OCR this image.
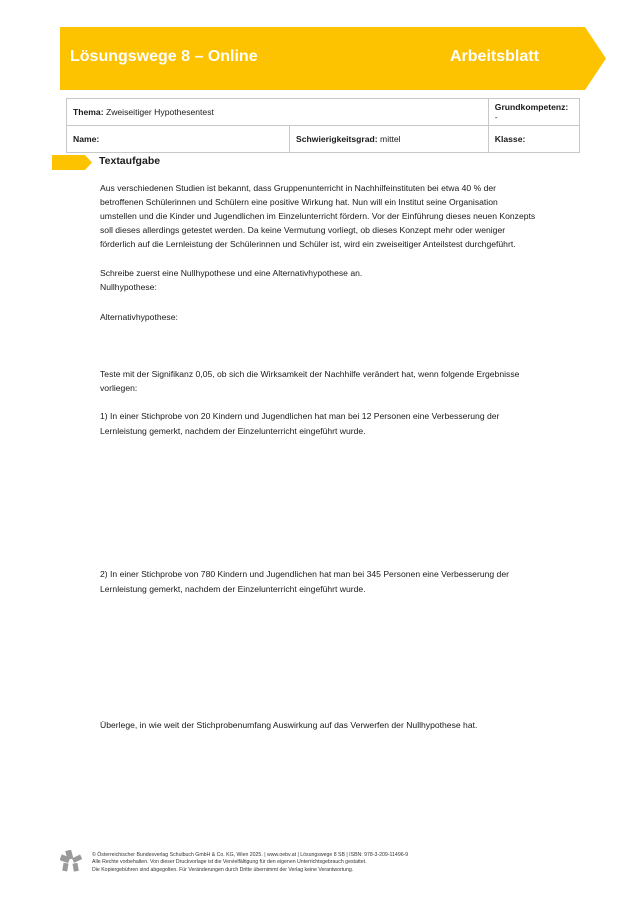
Lösungswege 8 – Online	Arbeitsblatt
Thema: Zweiseitiger Hypothesentest		Grundkompetenz: -
Name:	Schwierigkeitsgrad: mittel	Klasse:
Textaufgabe

Aus verschiedenen Studien ist bekannt, dass Gruppenunterricht in Nachhilfeinstituten bei etwa 40 % der

betroffenen Schülerinnen und Schülern eine positive Wirkung hat. Nun will ein Institut seine Organisation

umstellen und die Kinder und Jugendlichen im Einzelunterricht fördern. Vor der Einführung dieses neuen Konzepts

soll dieses allerdings getestet werden. Da keine Vermutung vorliegt, ob dieses Konzept mehr oder weniger

förderlich auf die Lernleistung der Schülerinnen und Schüler ist, wird ein zweiseitiger Anteilstest durchgeführt.

Schreibe zuerst eine Nullhypothese und eine Alternativhypothese an.

Nullhypothese:

Alternativhypothese:

Teste mit der Signifikanz 0,05, ob sich die Wirksamkeit der Nachhilfe verändert hat, wenn folgende Ergebnisse

vorliegen:

1) In einer Stichprobe von 20 Kindern und Jugendlichen hat man bei 12 Personen eine Verbesserung der

Lernleistung gemerkt, nachdem der Einzelunterricht eingeführt wurde.

2) In einer Stichprobe von 780 Kindern und Jugendlichen hat man bei 345 Personen eine Verbesserung der

Lernleistung gemerkt, nachdem der Einzelunterricht eingeführt wurde.

Überlege, in wie weit der Stichprobenumfang Auswirkung auf das Verwerfen der Nullhypothese hat.

© Österreichischer Bundesverlag Schulbuch GmbH & Co. KG, Wien 2025. | www.oebv.at | Lösungswege 8 SB | ISBN: 978-3-209-11496-9
Alle Rechte vorbehalten. Von dieser Druckvorlage ist die Vervielfältigung für den eigenen Unterrichtsgebrauch gestattet.
Die Kopiergebühren sind abgegolten. Für Veränderungen durch Dritte übernimmt der Verlag keine Verantwortung.
